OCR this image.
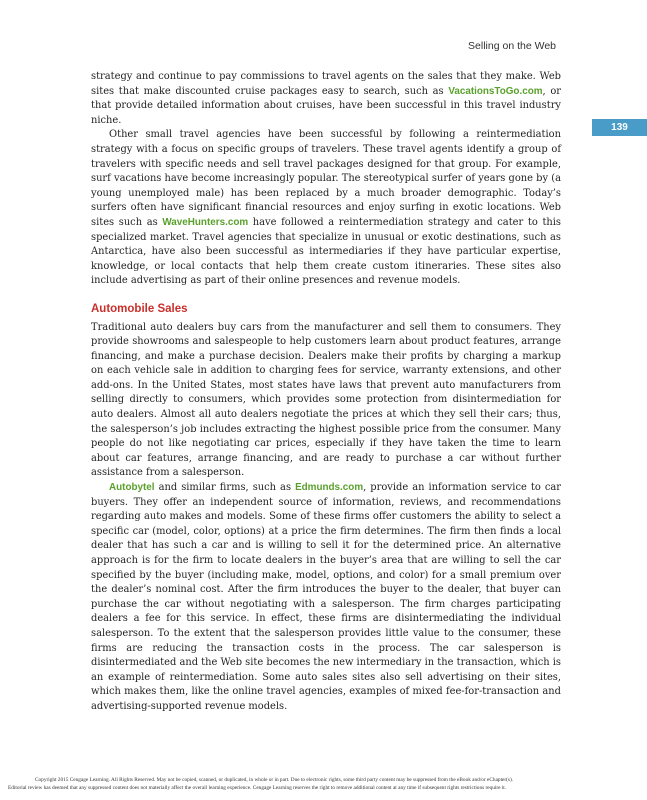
Selling on the Web
139

strategy and continue to pay commissions to travel agents on the sales that they make. Web sites that make discounted cruise packages easy to search, such as VacationsToGo.com, or that provide detailed information about cruises, have been successful in this travel industry niche.

Other small travel agencies have been successful by following a reintermediation strategy with a focus on specific groups of travelers. These travel agents identify a group of travelers with specific needs and sell travel packages designed for that group. For example, surf vacations have become increasingly popular. The stereotypical surfer of years gone by (a young unemployed male) has been replaced by a much broader demographic. Today’s surfers often have significant financial resources and enjoy surfing in exotic locations. Web sites such as WaveHunters.com have followed a reintermediation strategy and cater to this specialized market. Travel agencies that specialize in unusual or exotic destinations, such as Antarctica, have also been successful as intermediaries if they have particular expertise, knowledge, or local contacts that help them create custom itineraries. These sites also include advertising as part of their online presences and revenue models.

Automobile Sales

Traditional auto dealers buy cars from the manufacturer and sell them to consumers. They provide showrooms and salespeople to help customers learn about product features, arrange financing, and make a purchase decision. Dealers make their profits by charging a markup on each vehicle sale in addition to charging fees for service, warranty extensions, and other add-ons. In the United States, most states have laws that prevent auto manufacturers from selling directly to consumers, which provides some protection from disintermediation for auto dealers. Almost all auto dealers negotiate the prices at which they sell their cars; thus, the salesperson’s job includes extracting the highest possible price from the consumer. Many people do not like negotiating car prices, especially if they have taken the time to learn about car features, arrange financing, and are ready to purchase a car without further assistance from a salesperson.

Autobytel and similar firms, such as Edmunds.com, provide an information service to car buyers. They offer an independent source of information, reviews, and recommendations regarding auto makes and models. Some of these firms offer customers the ability to select a specific car (model, color, options) at a price the firm determines. The firm then finds a local dealer that has such a car and is willing to sell it for the determined price. An alternative approach is for the firm to locate dealers in the buyer’s area that are willing to sell the car specified by the buyer (including make, model, options, and color) for a small premium over the dealer’s nominal cost. After the firm introduces the buyer to the dealer, that buyer can purchase the car without negotiating with a salesperson. The firm charges participating dealers a fee for this service. In effect, these firms are disintermediating the individual salesperson. To the extent that the salesperson provides little value to the consumer, these firms are reducing the transaction costs in the process. The car salesperson is disintermediated and the Web site becomes the new intermediary in the transaction, which is an example of reintermediation. Some auto sales sites also sell advertising on their sites, which makes them, like the online travel agencies, examples of mixed fee-for-transaction and advertising-supported revenue models.

Copyright 2015 Cengage Learning. All Rights Reserved. May not be copied, scanned, or duplicated, in whole or in part. Due to electronic rights, some third party content may be suppressed from the eBook and/or eChapter(s).
Editorial review has deemed that any suppressed content does not materially affect the overall learning experience. Cengage Learning reserves the right to remove additional content at any time if subsequent rights restrictions require it.
